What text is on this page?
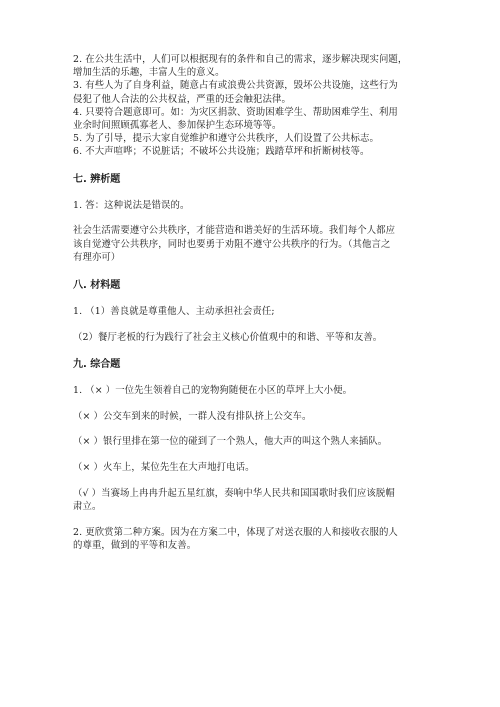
2. 在公共生活中，人们可以根据现有的条件和自己的需求，逐步解决现实问题，
增加生活的乐趣，丰富人生的意义。
3. 有些人为了自身利益，随意占有或浪费公共资源，毁坏公共设施，这些行为
侵犯了他人合法的公共权益，严重的还会触犯法律。
4. 只要符合题意即可。如：为灾区捐款、资助困难学生、帮助困难学生、利用
业余时间照顾孤寡老人、参加保护生态环境等等。
5. 为了引导，提示大家自觉维护和遵守公共秩序，人们设置了公共标志。
6. 不大声喧哗；不说脏话；不破坏公共设施；践踏草坪和折断树枝等。
七. 辨析题
1. 答：这种说法是错误的。
社会生活需要遵守公共秩序，才能营造和谐美好的生活环境。我们每个人都应
该自觉遵守公共秩序，同时也要勇于劝阻不遵守公共秩序的行为。（其他言之
有理亦可）
八. 材料题
1. （1）善良就是尊重他人、主动承担社会责任;
（2）餐厅老板的行为践行了社会主义核心价值观中的和谐、平等和友善。
九. 综合题
1. （× ）一位先生领着自己的宠物狗随便在小区的草坪上大小便。
（× ）公交车到来的时候，一群人没有排队挤上公交车。
（× ）银行里排在第一位的碰到了一个熟人，他大声的叫这个熟人来插队。
（× ）火车上，某位先生在大声地打电话。
（√ ）当赛场上冉冉升起五星红旗，奏响中华人民共和国国歌时我们应该脱帽
肃立。
2. 更欣赏第二种方案。因为在方案二中，体现了对送衣服的人和接收衣服的人
的尊重，做到的平等和友善。
